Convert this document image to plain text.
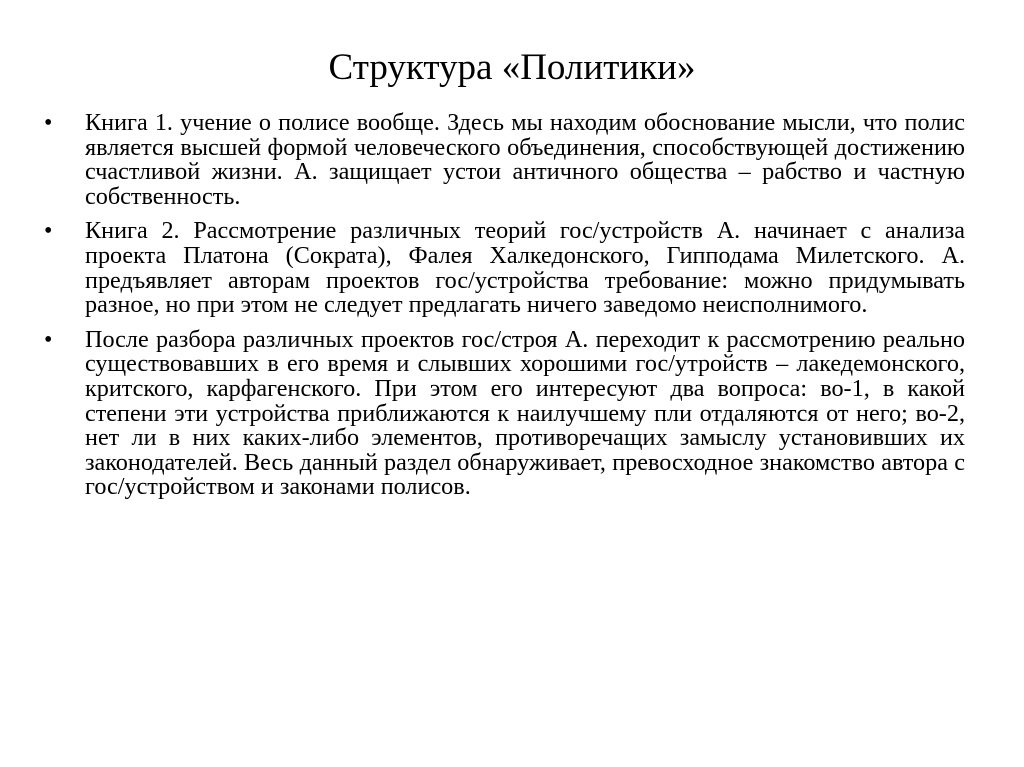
Структура «Политики»
•	Книга 1. учение о полисе вообще. Здесь мы находим обоснование мысли, что полис является высшей формой человеческого объединения, способствующей достижению счастливой жизни. А. защищает устои античного общества – рабство и частную собственность.
•	Книга 2. Рассмотрение различных теорий гос/устройств А. начинает с анализа проекта Платона (Сократа), Фалея Халкедонского, Гипподама Милетского. А. предъявляет авторам проектов гос/устройства требование: можно придумывать разное, но при этом не следует предлагать ничего заведомо неисполнимого.
•	После разбора различных проектов гос/строя А. переходит к рассмотрению реально существовавших в его время и слывших хорошими гос/утройств – лакедемонского, критского, карфагенского. При этом его интересуют два вопроса: во-1, в какой степени эти устройства приближаются к наилучшему пли отдаляются от него; во-2, нет ли в них каких-либо элементов, противоречащих замыслу установивших их законодателей. Весь данный раздел обнаруживает, превосходное знакомство автора с гос/устройством и законами полисов.
